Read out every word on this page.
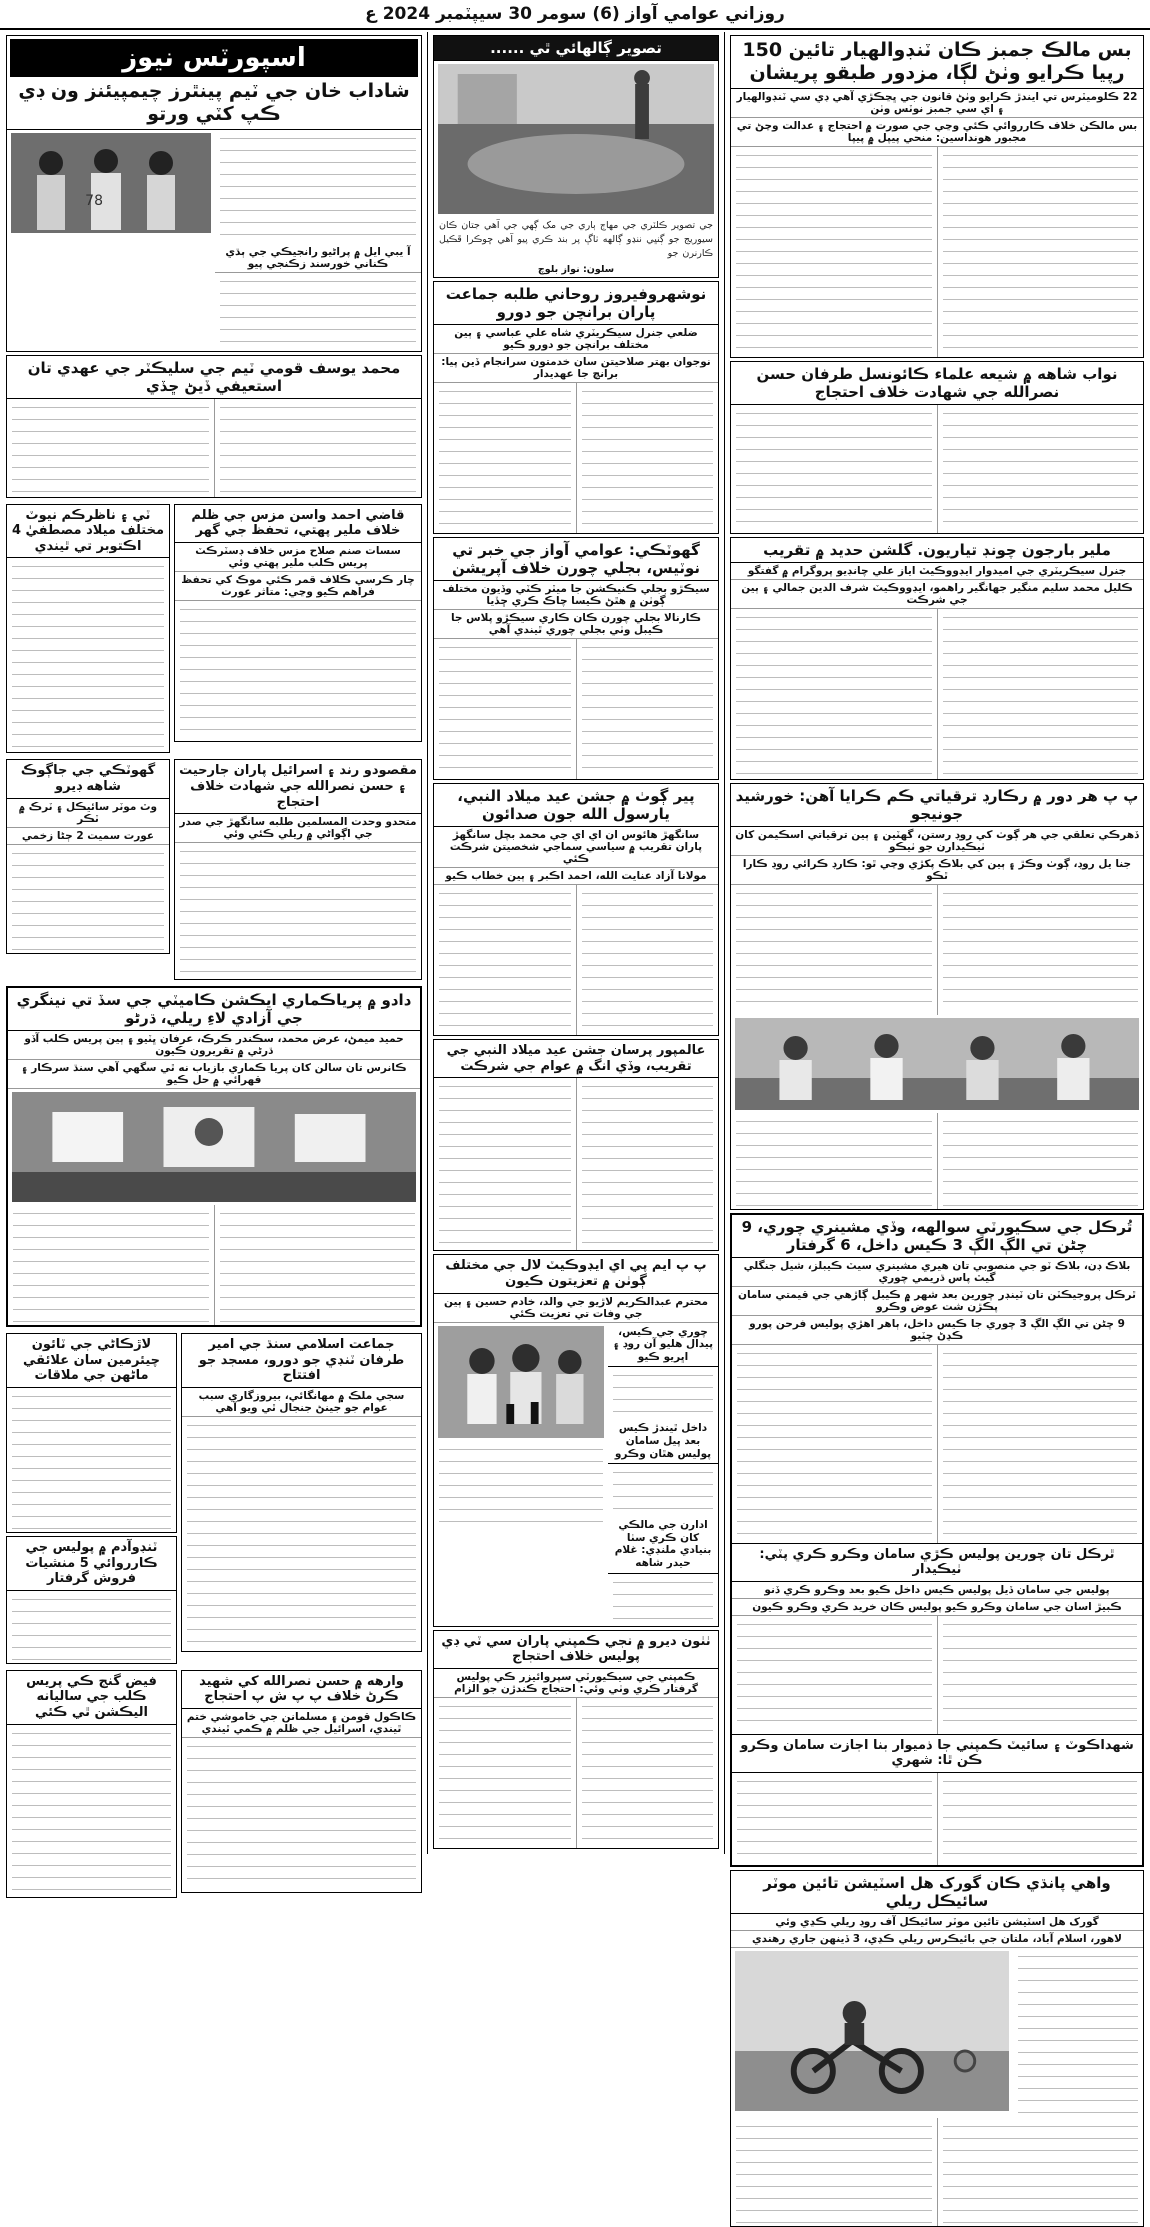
روزاني عوامي آواز (6) سومر 30 سيپٽمبر 2024 ع
بس مالڪ جمبز ڪان ٽنڊوالهيار تائين 150 رپيا ڪرايو وٺڻ لڳا، مزدور طبقو پريشان
22 ڪلوميٽرس تي ايندڙ ڪرايو وٺڻ قانون جي ڀڃڪڙي آهي ڊي سي ٽنڊوالهيار ۽ اي سي جمبز نوٽس وٺن
بس مالڪن خلاف ڪارروائي ڪئي وڃي جي صورت ۾ احتجاج ۽ عدالت وڃڻ تي مجبور هونداسين: منحي پيپل ۾ پيپا
نواب شاهه ۾ شيعه علماء ڪائونسل طرفان حسن نصرالله جي شهادت خلاف احتجاج
ملير بارجون چونڊ تياريون. گلشن حديد ۾ تقريب
جنرل سيڪريٽري جي اميدوار ايڊووڪيٽ اياز علي چانڊيو پروگرام ۾ گفتگو
ڪليل محمد سليم منگير جهانگير راهمو، ايڊووڪيٽ شرف الدين جمالي ۽ ٻين جي شرڪت
پ پ هر دور ۾ رڪارڊ ترقياتي ڪم ڪرايا آهن: خورشيد جونيجو
ڏهرڪي تعلقي جي هر ڳوٺ کي روڊ رستن، گهٽين ۽ ٻين ترقياتي اسڪيمن کان ٺيڪيدارن جو ٺيڪو
جنا يل روڊ، ڳوٺ وڪڙ ۽ ٻين کي بلاڪ پکڙي وڃي ٿو: ڪارڊ ڪرائي روڊ ڪارا ٿڪو
تُرڪل جي سڪيورٽي سوالهه، وڏي مشينري چوري، 9 چڻن تي الڳ الڳ 3 ڪيس داخل، 6 گرفتار
بلاڪ ڊن، بلاڪ ٽو جي منصوبي تان هيري مشينري سيٽ ڪيبلز، شيل جنگلي گيٽ پاس ڌريمي چوري
ٿرڪل پروجيڪٽن تان ٽينڊر چورين بعد شهر ۾ ڪيبل ڳاڙهي جي قيمتي سامان پڪڙن شت عوض وڪرو
9 چڻن تي الڳ الڳ 3 چوري جا ڪيس داخل، ٻاهر اهڙي پوليس فرحن پورو ڪڍڻ چٽيو
ٿرڪل تان چورين پوليس ڪڙي سامان وڪرو ڪري پٽي: ٺيڪيدار
پوليس جي سامان ڏيل پوليس ڪيس داخل ڪيو بعد وڪرو ڪري ڏنو
ڪبيڙ اسان جي سامان وڪرو ڪيو پوليس ڪان خريد ڪري وڪرو ڪيون
شهداڪوٽ ۽ سائيٽ ڪمپني جا ذميوار بنا اجازت سامان وڪرو ڪن ٿا: شهري
واهي پانڌي ڪان گورک هل اسٽيشن تائين موٽر سائيڪل ريلي
گورک هل اسٽيشن تائين موٽر سائيڪل آف روڊ ريلي ڪڍي وئي
لاهور، اسلام آباد، ملتان جي بائيڪرس ريلي ڪڍي، 3 ڏينهن جاري رهندي
تصوير ڳالهائي ٿي ......
جي تصوير ڪلٽري جي مهاڄ ٻاري جي مک ڳهي جي آهي جتان ڪان سيوريج جو ڳنڀي ننڍو ڳالهه ٺاڳ پر بند ڪري پيو آهي ڇوڪرا ڦڪيل ڪارنرن جو
سلون: نواز بلوچ
نوشهروفيروز روحاني طلبه جماعت پاران برانچن جو دورو
ضلعي جنرل سيڪريٽري شاه علي عباسي ۽ ٻين مختلف برانچن جو دورو ڪيو
نوجوان بهتر صلاحيتن سان خدمتون سرانجام ڏين پيا: برانچ جا عهديدار
گهوٽڪي: عوامي آواز جي خبر تي نوٽيس، بجلي چورن خلاف آپريشن
سيڪڙو بجلي ڪنيڪشن جا ميٽر ڪٽي وڏيون مختلف ڳوٺن ۾ هٿڻ ڪيسا چاڪ ڪري ڇڏيا
ڪارنالا بجلي چورن ڪان ڪاري سيڪڙو پلاس جا ڪيبل وٺي بجلي چوري ٿيندي آهي
پير ڳوٺ ۾ جشن عيد ميلاد النبي، يارسول الله جون صدائون
سانگهڙ هائوس ان اي اي جي محمد بچل سانگهڙ پاران تقريب ۾ سياسي سماجي شخصيتن شرڪت ڪئي
مولانا آزاد عنايت الله، احمد اڪبر ۽ ٻين خطاب ڪيو
عالمپور پرسان جشن عيد ميلاد النبي جي تقريب، وڏي انگ ۾ عوام جي شرڪت
پ پ ايم پي اي ايڊوڪيٽ لال جي مختلف ڳوٺن ۾ تعزيتون ڪيون
محترم عبدالڪريم لاڙيو جي والد، خادم حسين ۽ ٻين جي وفات تي تعزيت ڪئي
چوري جي ڪيس، پيدال هليو آن روڊ ۽ اڀريو ڪيو
داخل ٿيندڙ ڪيس بعد پيل سامان پوليس هٿان وڪرو
ادارن جي مالڪي کان ڪري سٺا بنيادي ملنڊي: غلام حيدر شاهه
ٺٺون ديرو ۾ نجي ڪمپني پاران سي ٽي ڊي پوليس خلاف احتجاج
ڪمپني جي سيڪيورٽي سپروائيزر ڪي پوليس گرفتار ڪري وٺي وئي: احتجاج ڪندڙن جو الزام
اسپورٽس نيوز
شاداب خان جي ٽيم پينٿرز چيمپيئنز ون ڊي ڪپ کٽي ورتو
آ يبي ايل ۾ پراڻيو رانجيڪي جي ٻڌي ڪناني خورسند زڪنجي پيو
78
محمد يوسف قومي ٽيم جي سليڪٽر جي عهدي تان استعيفي ڏيڻ ڇڏي
قاضي احمد واسن مزس جي ظلم خلاف ملير پهتي، تحفظ جي گهر
سسات صنم صلاح مزس خلاف ڊسٽرڪٽ پريس ڪلب ملير پهتي وئي
چار ڪرسي ڪلاف قمر ڪئي موڪ کي تحفظ فراهم ڪيو وڃي: متاثر عورت
ٽي ۽ ناظرڪم نيوٽ مختلف ميلاد مصطفيٰ 4 اڪتوبر تي ٿيندي
مقصودو رند ۽ اسرائيل پاران جارحيت ۽ حسن نصرالله جي شهادت خلاف احتجاج
متحدو وحدت المسلمين طلبه سانگهڙ جي صدر جي اڳواڻي ۾ ريلي ڪئي وئي
گهوٽڪي جي جاڳوڪ شاهه ڊيرو
وٽ موٽر سائيڪل ۽ ٽرڪ ۾ ٽڪر
عورت سميت 2 ڄڻا زخمي
دادو ۾ پرياڪماري ايڪشن ڪاميٽي جي سڏ تي نينگري جي آزادي لاءِ ريلي، ڌرڻو
حميد ميمڻ، عرض محمد، سڪندر ڪرڪ، عرفان ڀٽيو ۽ ٻين پريس ڪلب آڏو ڌرڻي ۾ تقريرون ڪيون
ڪانرس تان سالن کان پريا ڪماري بازياب نه ٿي سگهي آهي سنڌ سرڪار ۽ قهرائي ۾ حل ڪيو
جماعت اسلامي سنڌ جي امير طرفان ٽنڊي جو دورو، مسجد جو افتتاح
سجي ملڪ ۾ مهانگائي، بيروزگاري سبب عوام جو جينڻ جنجال ٿي ويو آهي
لاڙڪاڻي جي ٽائون چيئرمين سان علائقي ماڻهن جي ملاقات
ٽنڊوآدم ۾ پوليس جي ڪارروائي 5 منشيات فروش گرفتار
وارهه ۾ حسن نصرالله کي شهيد ڪرڻ خلاف پ پ ش پ احتجاج
ڪاڪول قومن ۽ مسلمانن جي خاموشي ختم ٿيندي، اسرائيل جي ظلم ۾ ڪمي ٿيندي
فيض گنج ڪي پريس ڪلب جي ساليانه اليڪشن ٿي ڪئي
